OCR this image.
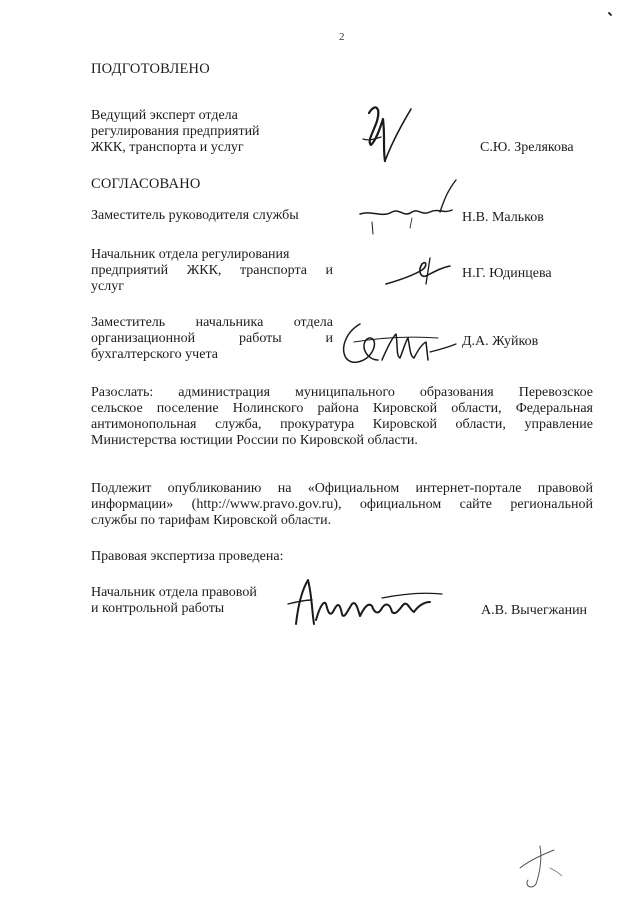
2
ПОДГОТОВЛЕНО
Ведущий эксперт отдела
регулирования предприятий
ЖКК, транспорта и услуг	С.Ю. Зрелякова
СОГЛАСОВАНО
Заместитель руководителя службы	Н.В. Мальков
Начальник отдела регулирования
предприятий ЖКК, транспорта и
услуг
Н.Г. Юдинцева
Заместитель начальника отдела
организационной работы и
бухгалтерского учета
Д.А. Жуйков
Разослать: администрация муниципального образования Перевозское
сельское поселение Нолинского района Кировской области, Федеральная
антимонопольная служба, прокуратура Кировской области, управление
Министерства юстиции России по Кировской области.
Подлежит опубликованию на «Официальном интернет-портале правовой
информации» (http://www.pravo.gov.ru), официальном сайте региональной
службы по тарифам Кировской области.
Правовая экспертиза проведена:
Начальник отдела правовой
и контрольной работы	А.В. Вычегжанин
